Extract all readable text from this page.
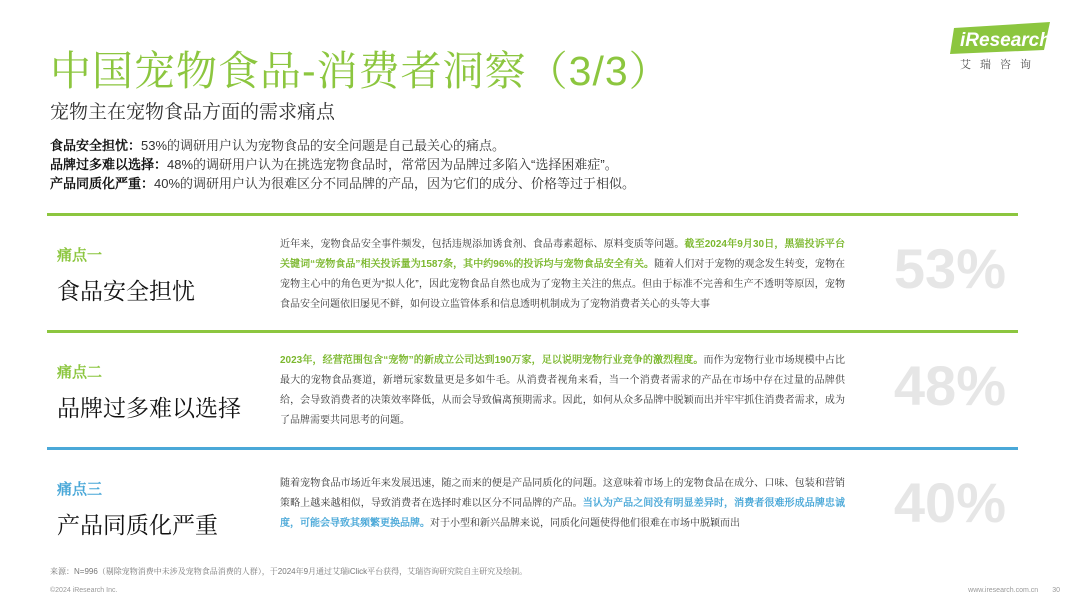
中国宠物食品-消费者洞察（3/3）
宠物主在宠物食品方面的需求痛点
iResearch
艾瑞咨询
食品安全担忧：53%的调研用户认为宠物食品的安全问题是自己最关心的痛点。
品牌过多难以选择：48%的调研用户认为在挑选宠物食品时，常常因为品牌过多陷入“选择困难症”。
产品同质化严重：40%的调研用户认为很难区分不同品牌的产品，因为它们的成分、价格等过于相似。
痛点一
食品安全担忧
近年来，宠物食品安全事件频发，包括违规添加诱食剂、食品毒素超标、原料变质等问题。截至2024年9月30日，黑猫投诉平台关键词“宠物食品”相关投诉量为1587条，其中约96%的投诉均与宠物食品安全有关。随着人们对于宠物的观念发生转变，宠物在宠物主心中的角色更为“拟人化”，因此宠物食品自然也成为了宠物主关注的焦点。但由于标准不完善和生产不透明等原因，宠物食品安全问题依旧屡见不鲜，如何设立监管体系和信息透明机制成为了宠物消费者关心的头等大事
53%
痛点二
品牌过多难以选择
2023年，经营范围包含“宠物”的新成立公司达到190万家，足以说明宠物行业竞争的激烈程度。而作为宠物行业市场规模中占比最大的宠物食品赛道，新增玩家数量更是多如牛毛。从消费者视角来看，当一个消费者需求的产品在市场中存在过量的品牌供给，会导致消费者的决策效率降低，从而会导致偏离预期需求。因此，如何从众多品牌中脱颖而出并牢牢抓住消费者需求，成为了品牌需要共同思考的问题。
48%
痛点三
产品同质化严重
随着宠物食品市场近年来发展迅速，随之而来的便是产品同质化的问题。这意味着市场上的宠物食品在成分、口味、包装和营销策略上越来越相似，导致消费者在选择时难以区分不同品牌的产品。当认为产品之间没有明显差异时，消费者很难形成品牌忠诚度，可能会导致其频繁更换品牌。对于小型和新兴品牌来说，同质化问题使得他们很难在市场中脱颖而出	40%
来源：N=996（剔除宠物消费中未涉及宠物食品消费的人群），于2024年9月通过艾瑞iClick平台获得，艾瑞咨询研究院自主研究及绘制。
©2024 iResearch Inc.	www.iresearch.com.cn 30
